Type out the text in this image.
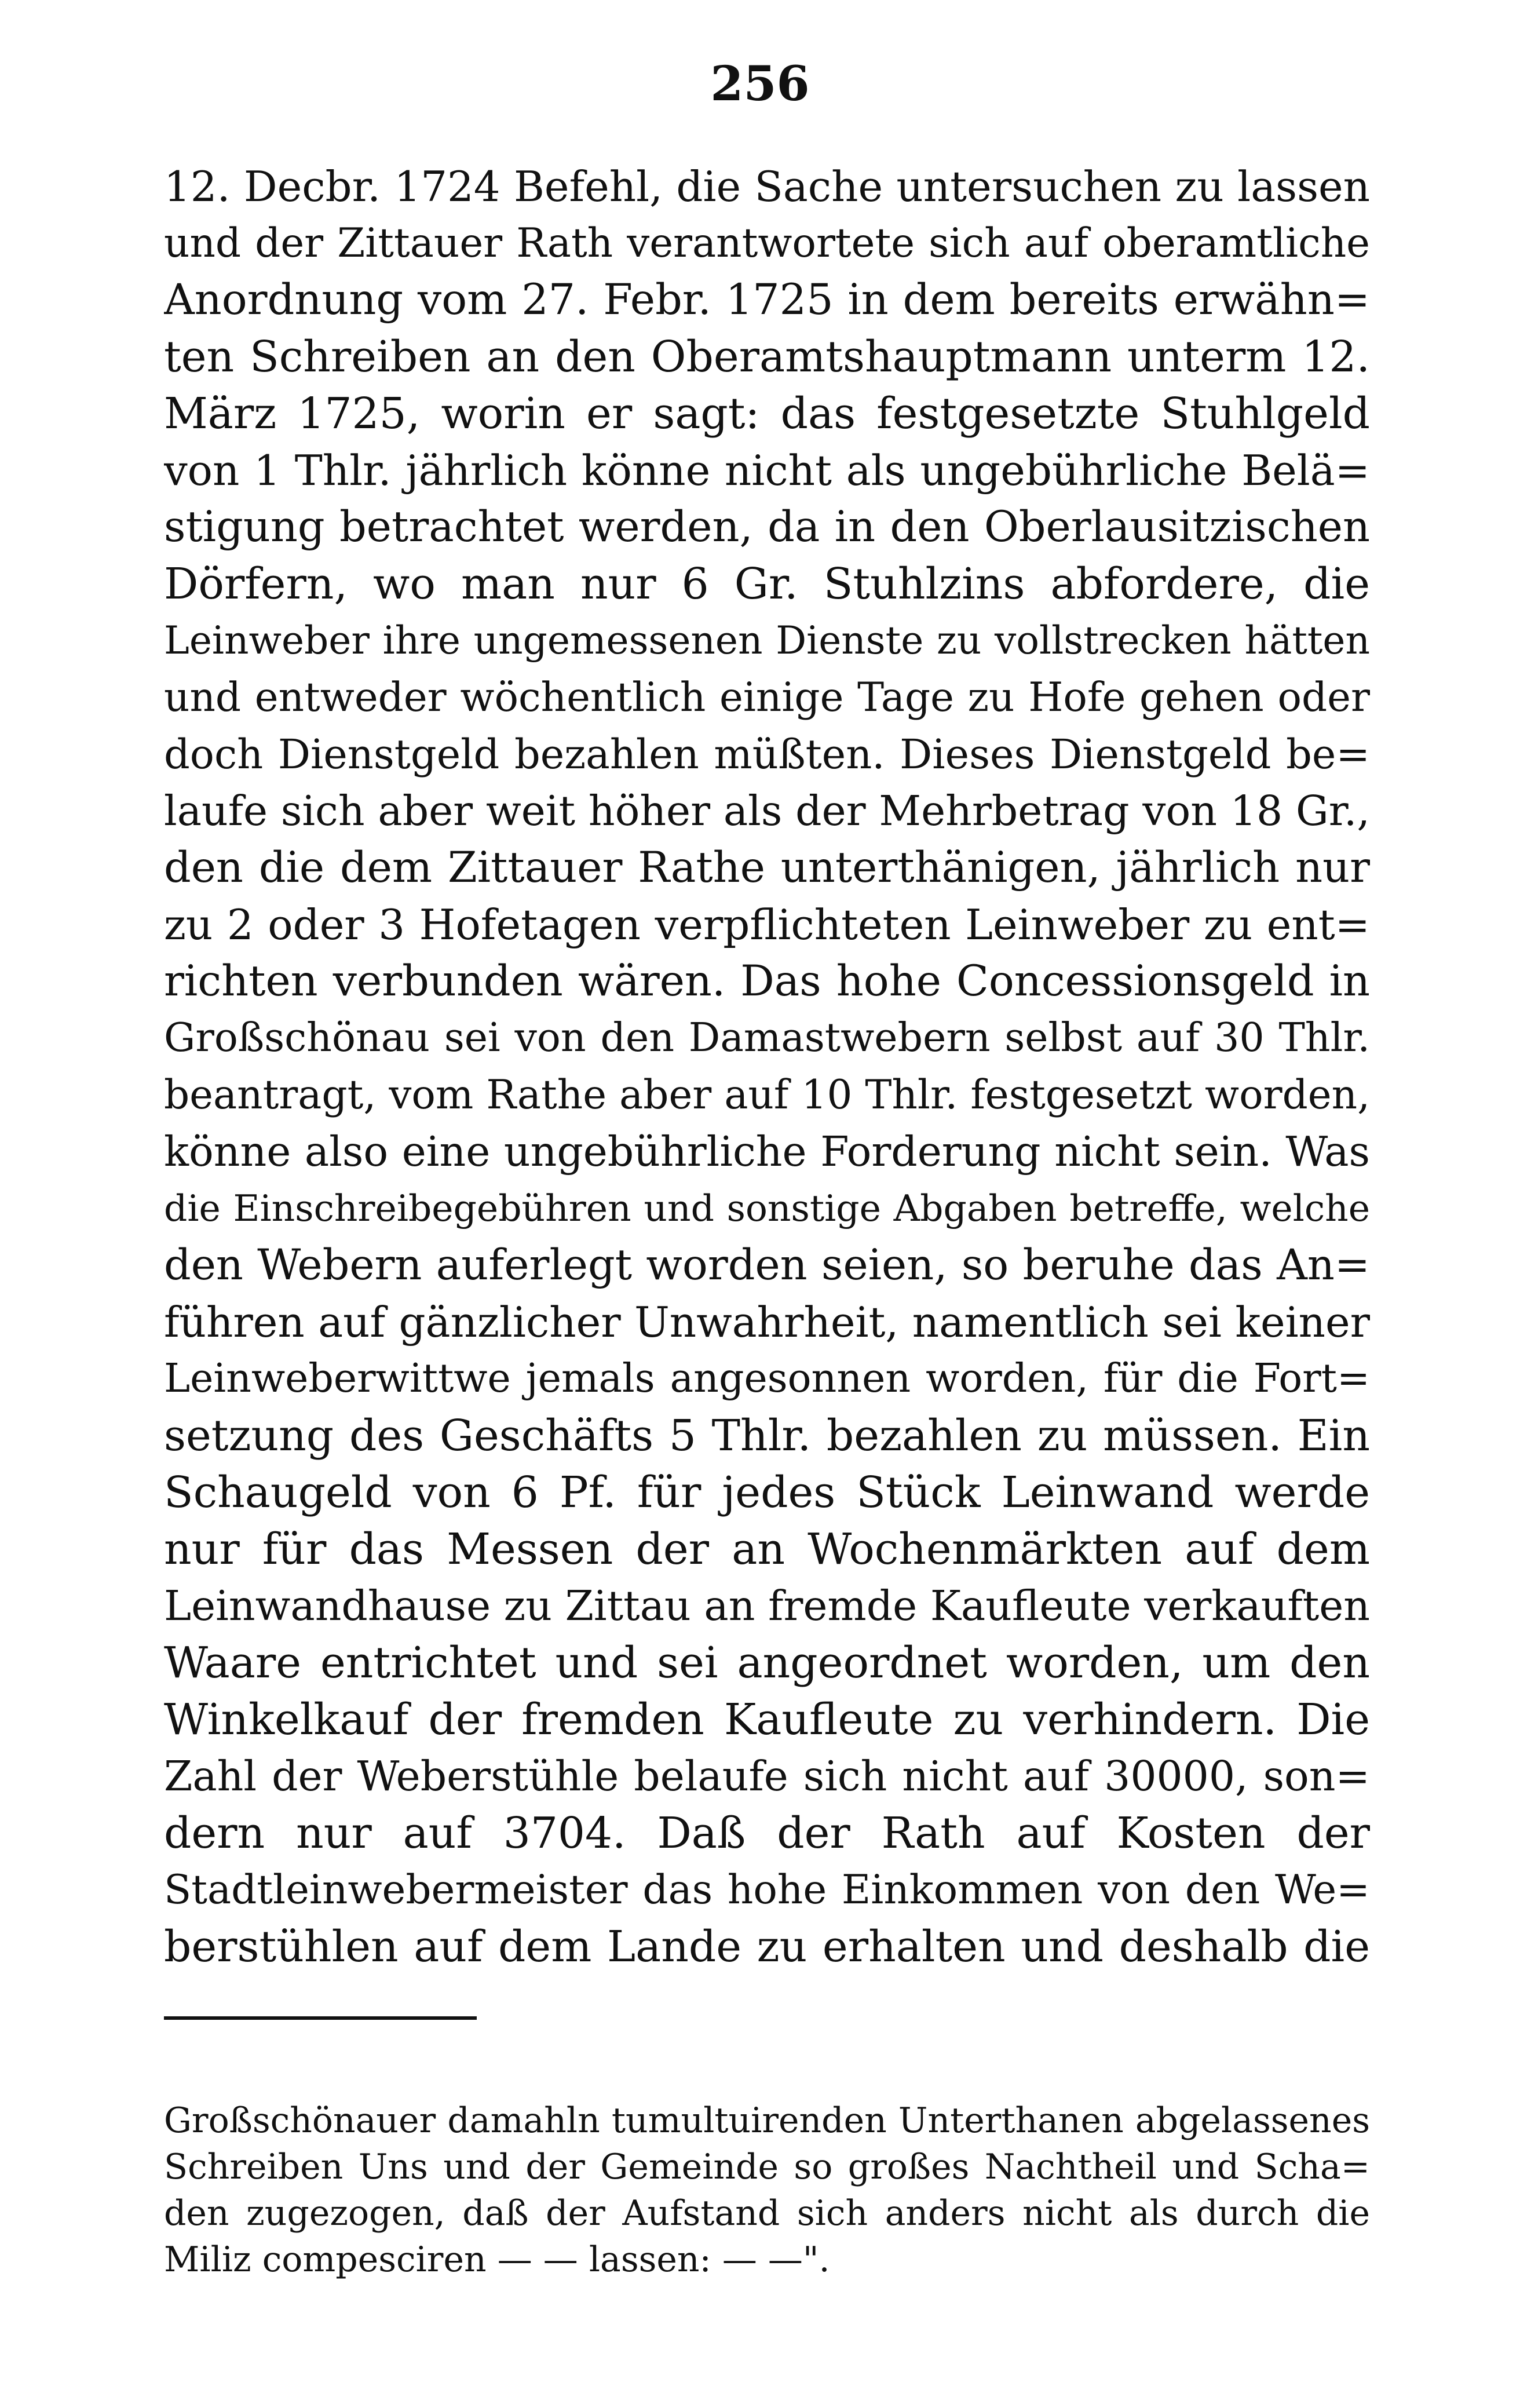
256
12. Decbr. 1724 Befehl, die Sache untersuchen zu lassen
und der Zittauer Rath verantwortete sich auf oberamtliche
Anordnung vom 27. Febr. 1725 in dem bereits erwähn=
ten Schreiben an den Oberamtshauptmann unterm 12.
März 1725, worin er sagt: das festgesetzte Stuhlgeld
von 1 Thlr. jährlich könne nicht als ungebührliche Belä=
stigung betrachtet werden, da in den Oberlausitzischen
Dörfern, wo man nur 6 Gr. Stuhlzins abfordere, die
Leinweber ihre ungemessenen Dienste zu vollstrecken hätten
und entweder wöchentlich einige Tage zu Hofe gehen oder
doch Dienstgeld bezahlen müßten. Dieses Dienstgeld be=
laufe sich aber weit höher als der Mehrbetrag von 18 Gr.,
den die dem Zittauer Rathe unterthänigen, jährlich nur
zu 2 oder 3 Hofetagen verpflichteten Leinweber zu ent=
richten verbunden wären. Das hohe Concessionsgeld in
Großschönau sei von den Damastwebern selbst auf 30 Thlr.
beantragt, vom Rathe aber auf 10 Thlr. festgesetzt worden,
könne also eine ungebührliche Forderung nicht sein. Was
die Einschreibegebühren und sonstige Abgaben betreffe, welche
den Webern auferlegt worden seien, so beruhe das An=
führen auf gänzlicher Unwahrheit, namentlich sei keiner
Leinweberwittwe jemals angesonnen worden, für die Fort=
setzung des Geschäfts 5 Thlr. bezahlen zu müssen. Ein
Schaugeld von 6 Pf. für jedes Stück Leinwand werde
nur für das Messen der an Wochenmärkten auf dem
Leinwandhause zu Zittau an fremde Kaufleute verkauften
Waare entrichtet und sei angeordnet worden, um den
Winkelkauf der fremden Kaufleute zu verhindern. Die
Zahl der Weberstühle belaufe sich nicht auf 30000, son=
dern nur auf 3704. Daß der Rath auf Kosten der
Stadtleinwebermeister das hohe Einkommen von den We=
berstühlen auf dem Lande zu erhalten und deshalb die
Großschönauer damahln tumultuirenden Unterthanen abgelassenes
Schreiben Uns und der Gemeinde so großes Nachtheil und Scha=
den zugezogen, daß der Aufstand sich anders nicht als durch die
Miliz compesciren — — lassen: — —".
